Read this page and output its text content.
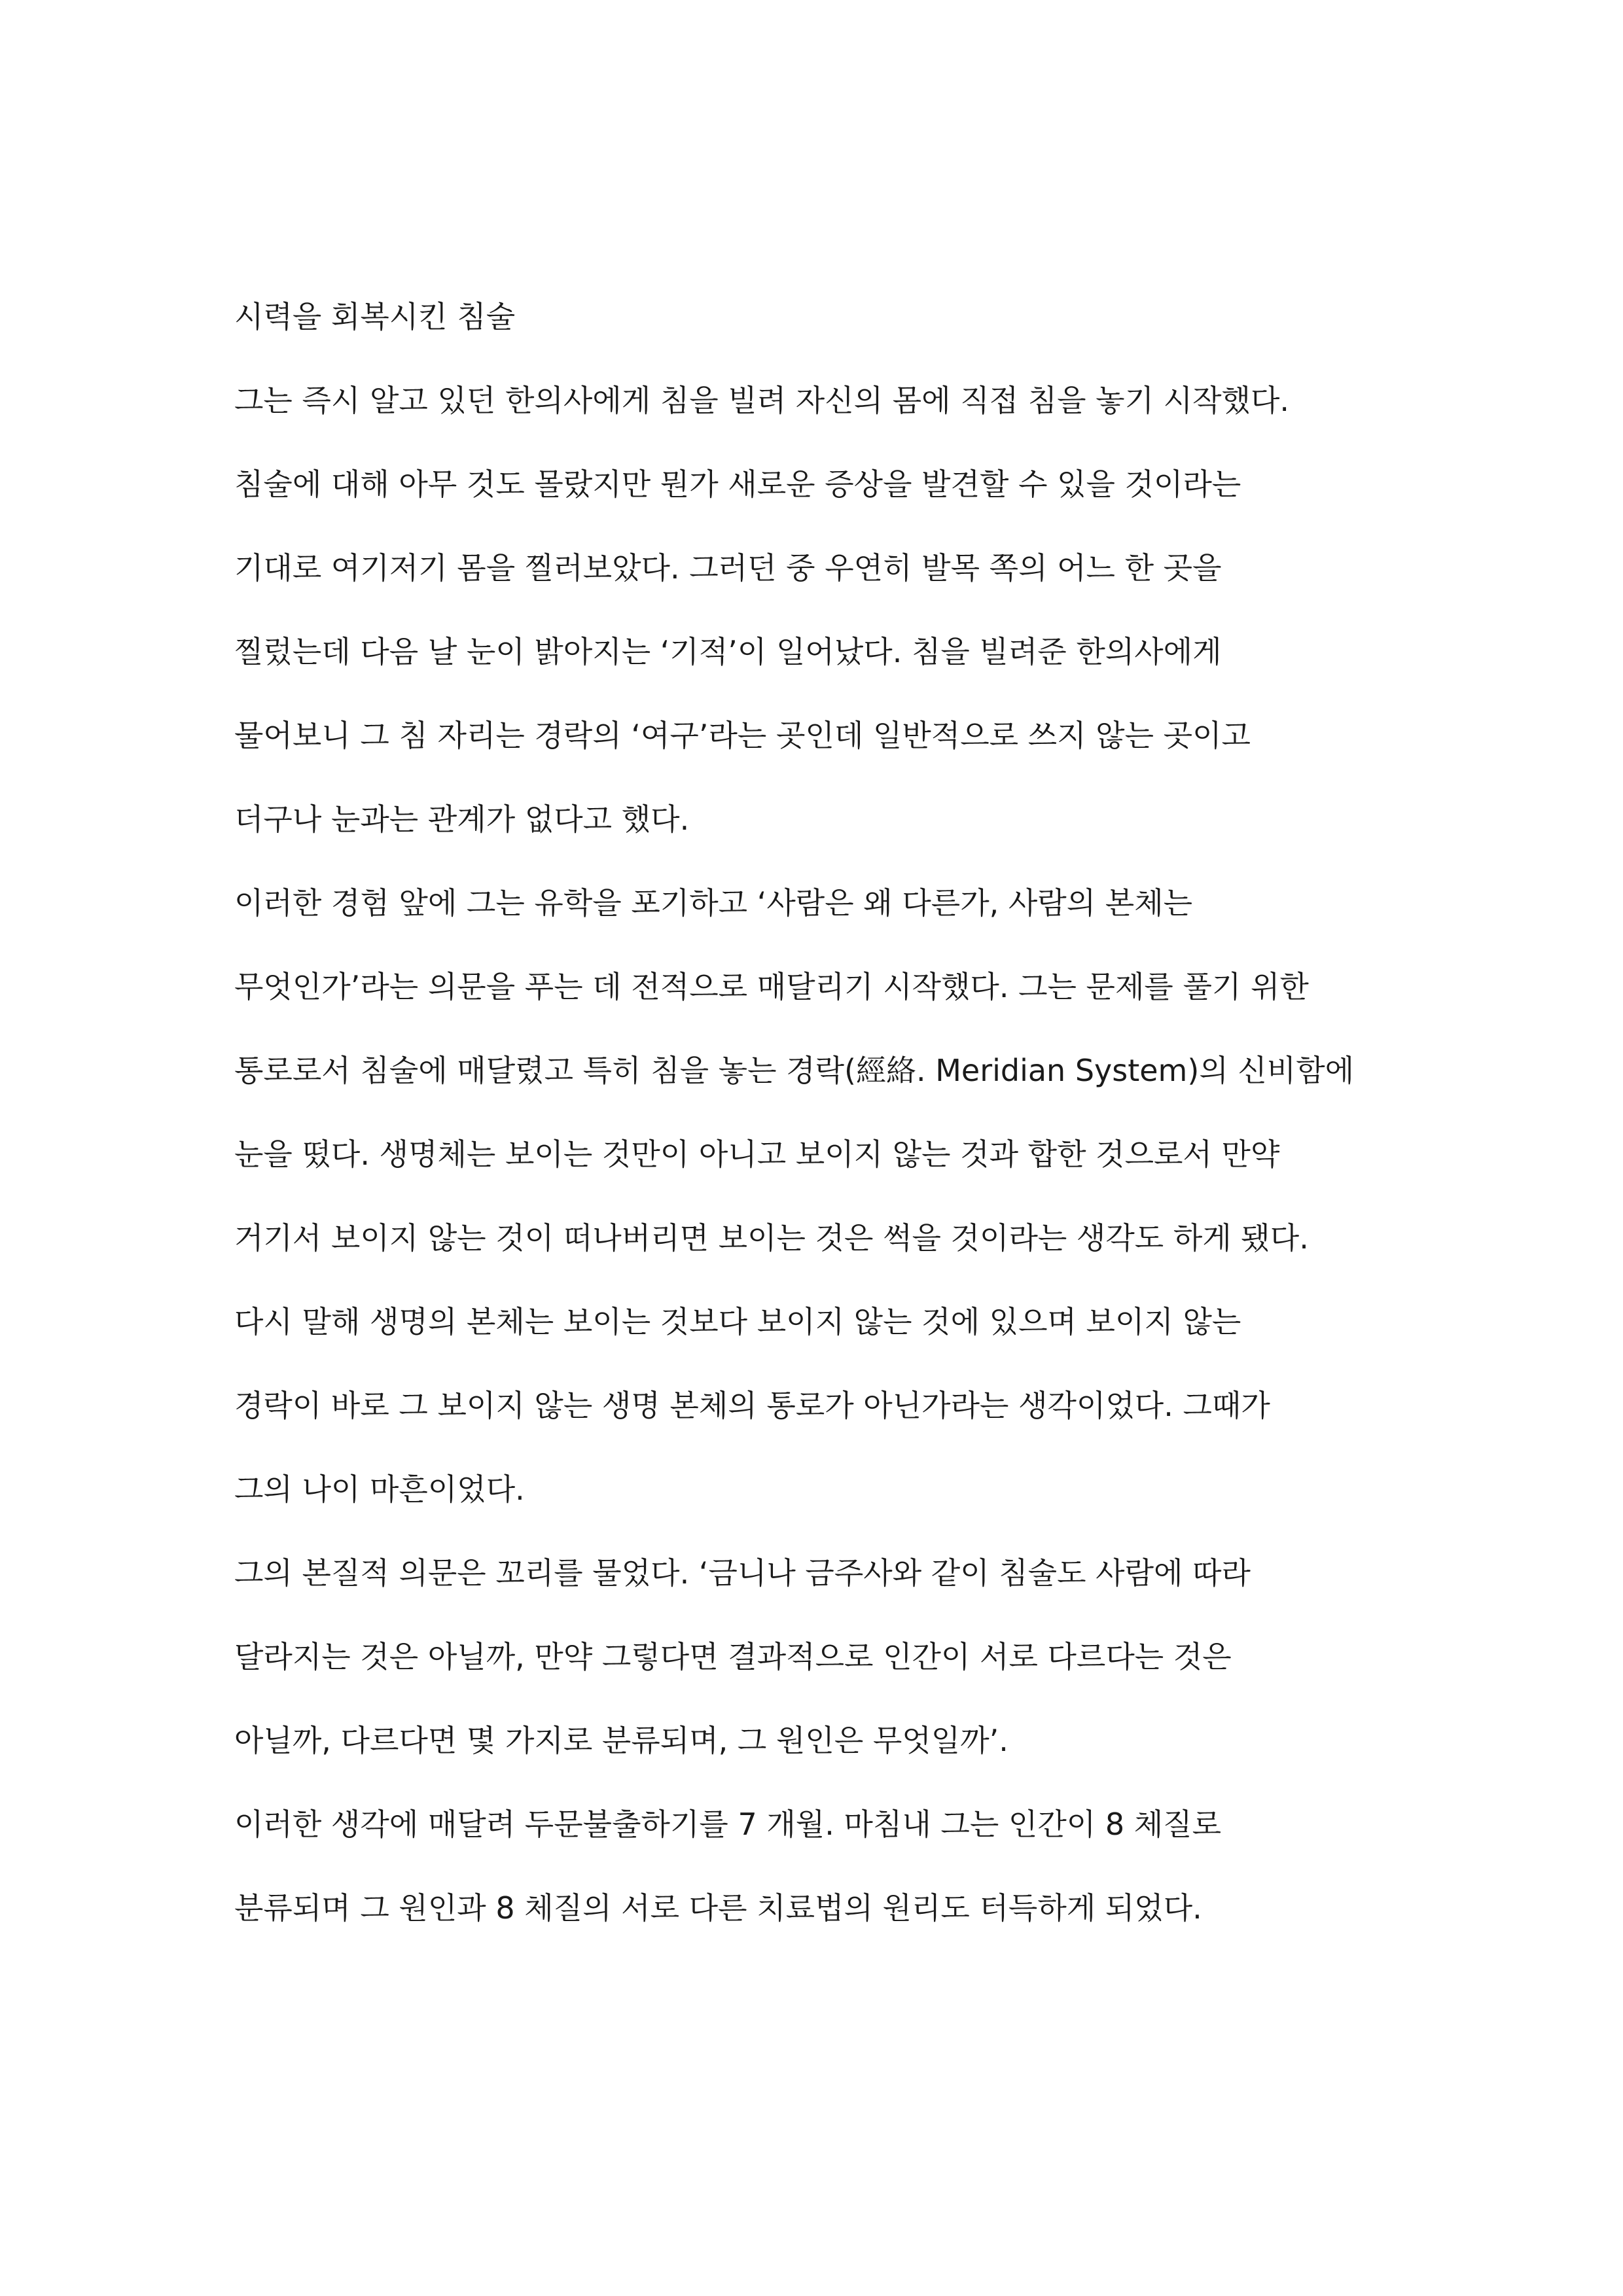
시력을 회복시킨 침술
그는 즉시 알고 있던 한의사에게 침을 빌려 자신의 몸에 직접 침을 놓기 시작했다.
침술에 대해 아무 것도 몰랐지만 뭔가 새로운 증상을 발견할 수 있을 것이라는
기대로 여기저기 몸을 찔러보았다. 그러던 중 우연히 발목 쪽의 어느 한 곳을
찔렀는데 다음 날 눈이 밝아지는 ‘기적’이 일어났다. 침을 빌려준 한의사에게
물어보니 그 침 자리는 경락의 ‘여구’라는 곳인데 일반적으로 쓰지 않는 곳이고
더구나 눈과는 관계가 없다고 했다.
이러한 경험 앞에 그는 유학을 포기하고 ‘사람은 왜 다른가, 사람의 본체는
무엇인가’라는 의문을 푸는 데 전적으로 매달리기 시작했다. 그는 문제를 풀기 위한
통로로서 침술에 매달렸고 특히 침을 놓는 경락(經絡. Meridian System)의 신비함에
눈을 떴다. 생명체는 보이는 것만이 아니고 보이지 않는 것과 합한 것으로서 만약
거기서 보이지 않는 것이 떠나버리면 보이는 것은 썩을 것이라는 생각도 하게 됐다.
다시 말해 생명의 본체는 보이는 것보다 보이지 않는 것에 있으며 보이지 않는
경락이 바로 그 보이지 않는 생명 본체의 통로가 아닌가라는 생각이었다. 그때가
그의 나이 마흔이었다.
그의 본질적 의문은 꼬리를 물었다. ‘금니나 금주사와 같이 침술도 사람에 따라
달라지는 것은 아닐까, 만약 그렇다면 결과적으로 인간이 서로 다르다는 것은
아닐까, 다르다면 몇 가지로 분류되며, 그 원인은 무엇일까’.
이러한 생각에 매달려 두문불출하기를 7 개월. 마침내 그는 인간이 8 체질로
분류되며 그 원인과 8 체질의 서로 다른 치료법의 원리도 터득하게 되었다.
